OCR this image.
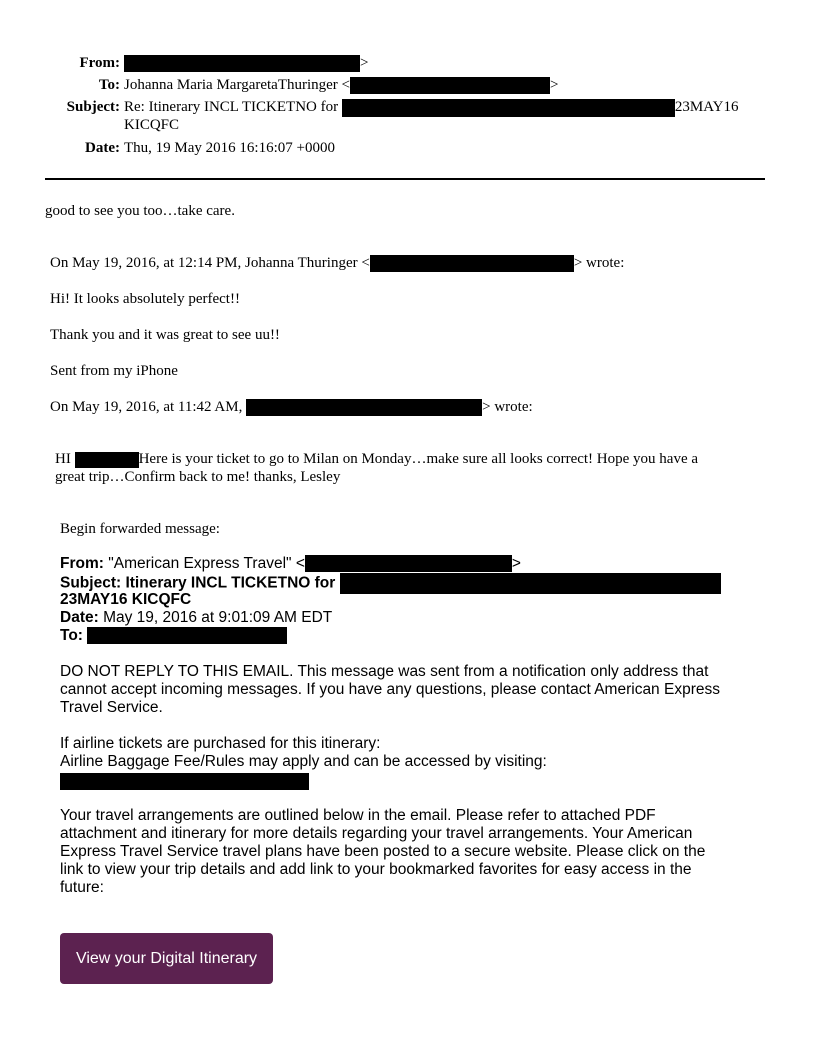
From:	>
To: Johanna Maria MargaretaThuringer <	>
Subject: Re: Itinerary INCL TICKETNO for	23MAY16
KICQFC
Date: Thu, 19 May 2016 16:16:07 +0000
good to see you too…take care.
On May 19, 2016, at 12:14 PM, Johanna Thuringer <	> wrote:
Hi! It looks absolutely perfect!!
Thank you and it was great to see uu!!
Sent from my iPhone
On May 19, 2016, at 11:42 AM,	> wrote:
HI	Here is your ticket to go to Milan on Monday…make sure all looks correct! Hope you have a
great trip…Confirm back to me! thanks, Lesley
Begin forwarded message:
From: "American Express Travel" <	>
Subject: Itinerary INCL TICKETNO for
23MAY16 KICQFC
Date: May 19, 2016 at 9:01:09 AM EDT
To:
DO NOT REPLY TO THIS EMAIL. This message was sent from a notification only address that
cannot accept incoming messages. If you have any questions, please contact American Express
Travel Service.
If airline tickets are purchased for this itinerary:
Airline Baggage Fee/Rules may apply and can be accessed by visiting:
Your travel arrangements are outlined below in the email. Please refer to attached PDF
attachment and itinerary for more details regarding your travel arrangements. Your American
Express Travel Service travel plans have been posted to a secure website. Please click on the
link to view your trip details and add link to your bookmarked favorites for easy access in the
future:
View your Digital Itinerary
